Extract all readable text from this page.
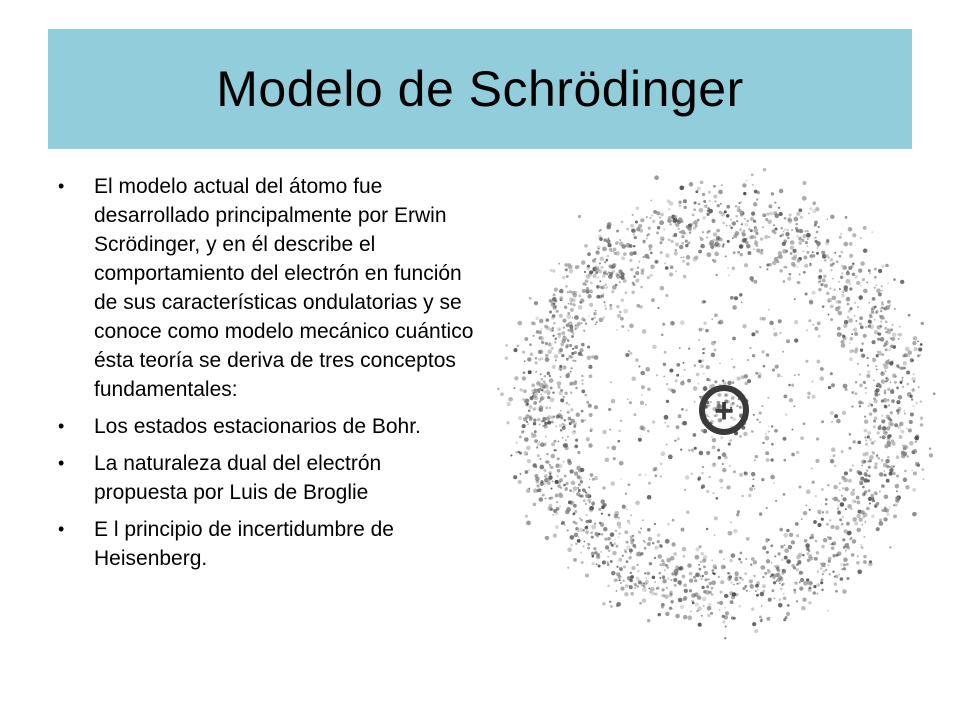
Modelo de Schrödinger
•	El modelo actual del átomo fue desarrollado principalmente por Erwin Scrödinger, y en él describe el comportamiento del electrón en función de sus características ondulatorias y se conoce como modelo mecánico cuántico ésta teoría se deriva de tres conceptos fundamentales:
•	Los estados estacionarios de Bohr.
•	La naturaleza dual del electrón propuesta por Luis de Broglie
•	E l principio de incertidumbre de Heisenberg.
+
